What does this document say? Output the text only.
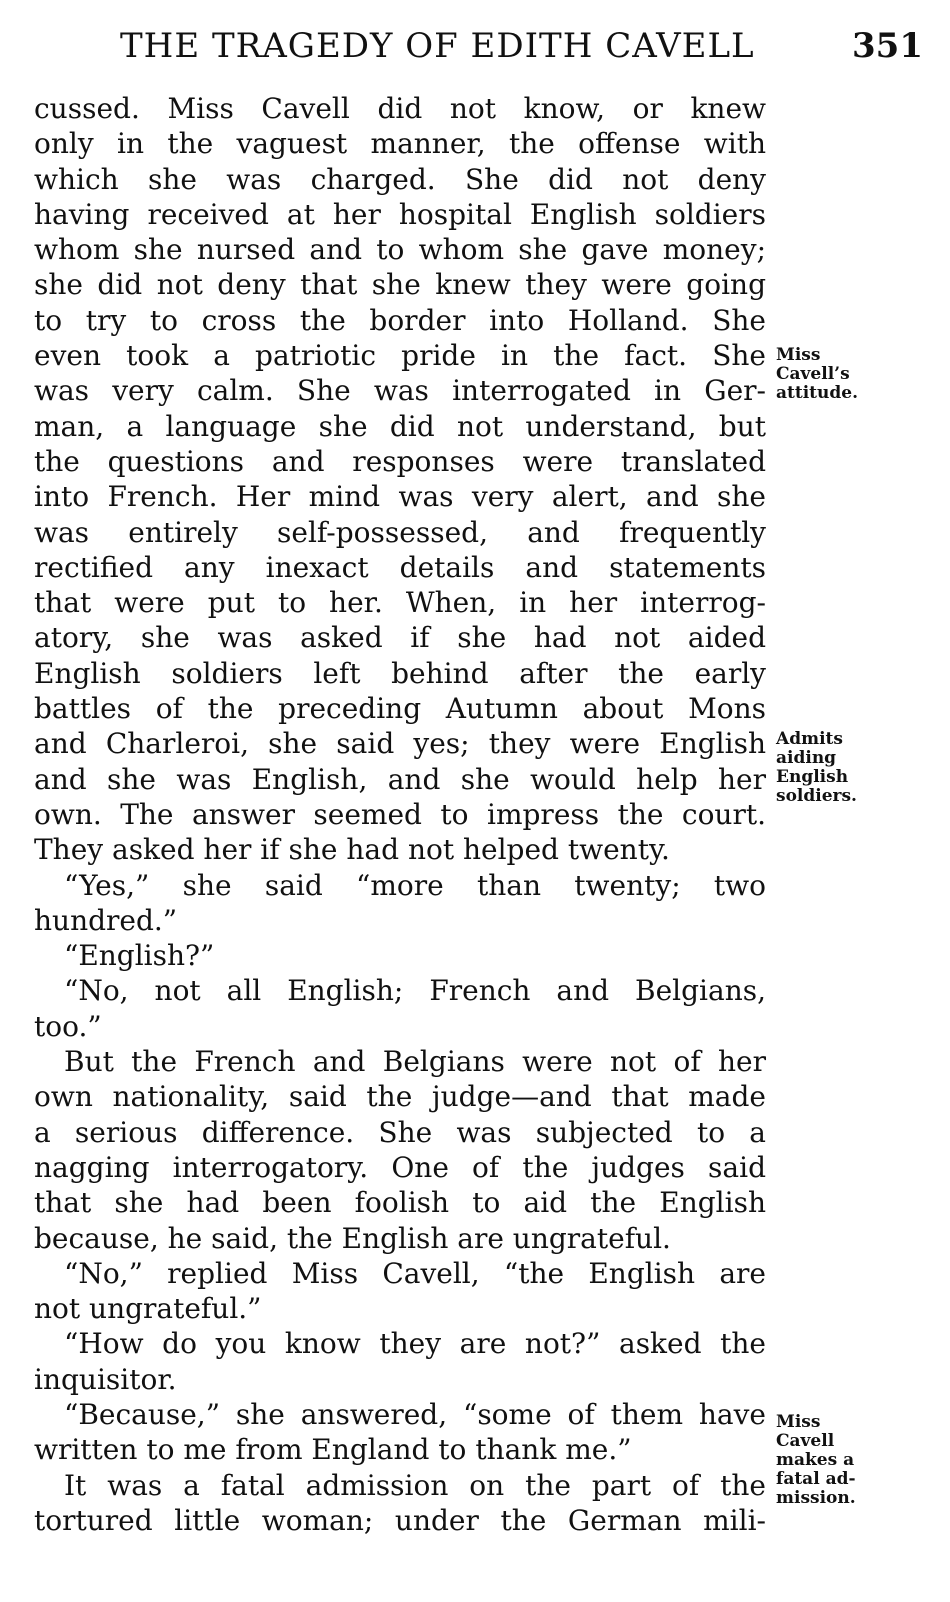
THE TRAGEDY OF EDITH CAVELL	351
cussed. Miss Cavell did not know, or knew
only in the vaguest manner, the offense with
which she was charged. She did not deny
having received at her hospital English soldiers
whom she nursed and to whom she gave money;
she did not deny that she knew they were going
to try to cross the border into Holland. She
even took a patriotic pride in the fact. She
was very calm. She was interrogated in Ger-
man, a language she did not understand, but
the questions and responses were translated
into French. Her mind was very alert, and she
was entirely self-possessed, and frequently
rectified any inexact details and statements
that were put to her. When, in her interrog-
atory, she was asked if she had not aided
English soldiers left behind after the early
battles of the preceding Autumn about Mons
and Charleroi, she said yes; they were English
and she was English, and she would help her
own. The answer seemed to impress the court.
They asked her if she had not helped twenty.
“Yes,” she said “more than twenty; two
hundred.”
“English?”
“No, not all English; French and Belgians,
too.”
But the French and Belgians were not of her
own nationality, said the judge—and that made
a serious difference. She was subjected to a
nagging interrogatory. One of the judges said
that she had been foolish to aid the English
because, he said, the English are ungrateful.
“No,” replied Miss Cavell, “the English are
not ungrateful.”
“How do you know they are not?” asked the
inquisitor.
“Because,” she answered, “some of them have
written to me from England to thank me.”
It was a fatal admission on the part of the
tortured little woman; under the German mili-
Miss
Cavell’s
attitude.
Admits
aiding
English
soldiers.
Miss
Cavell
makes a
fatal ad-
mission.
